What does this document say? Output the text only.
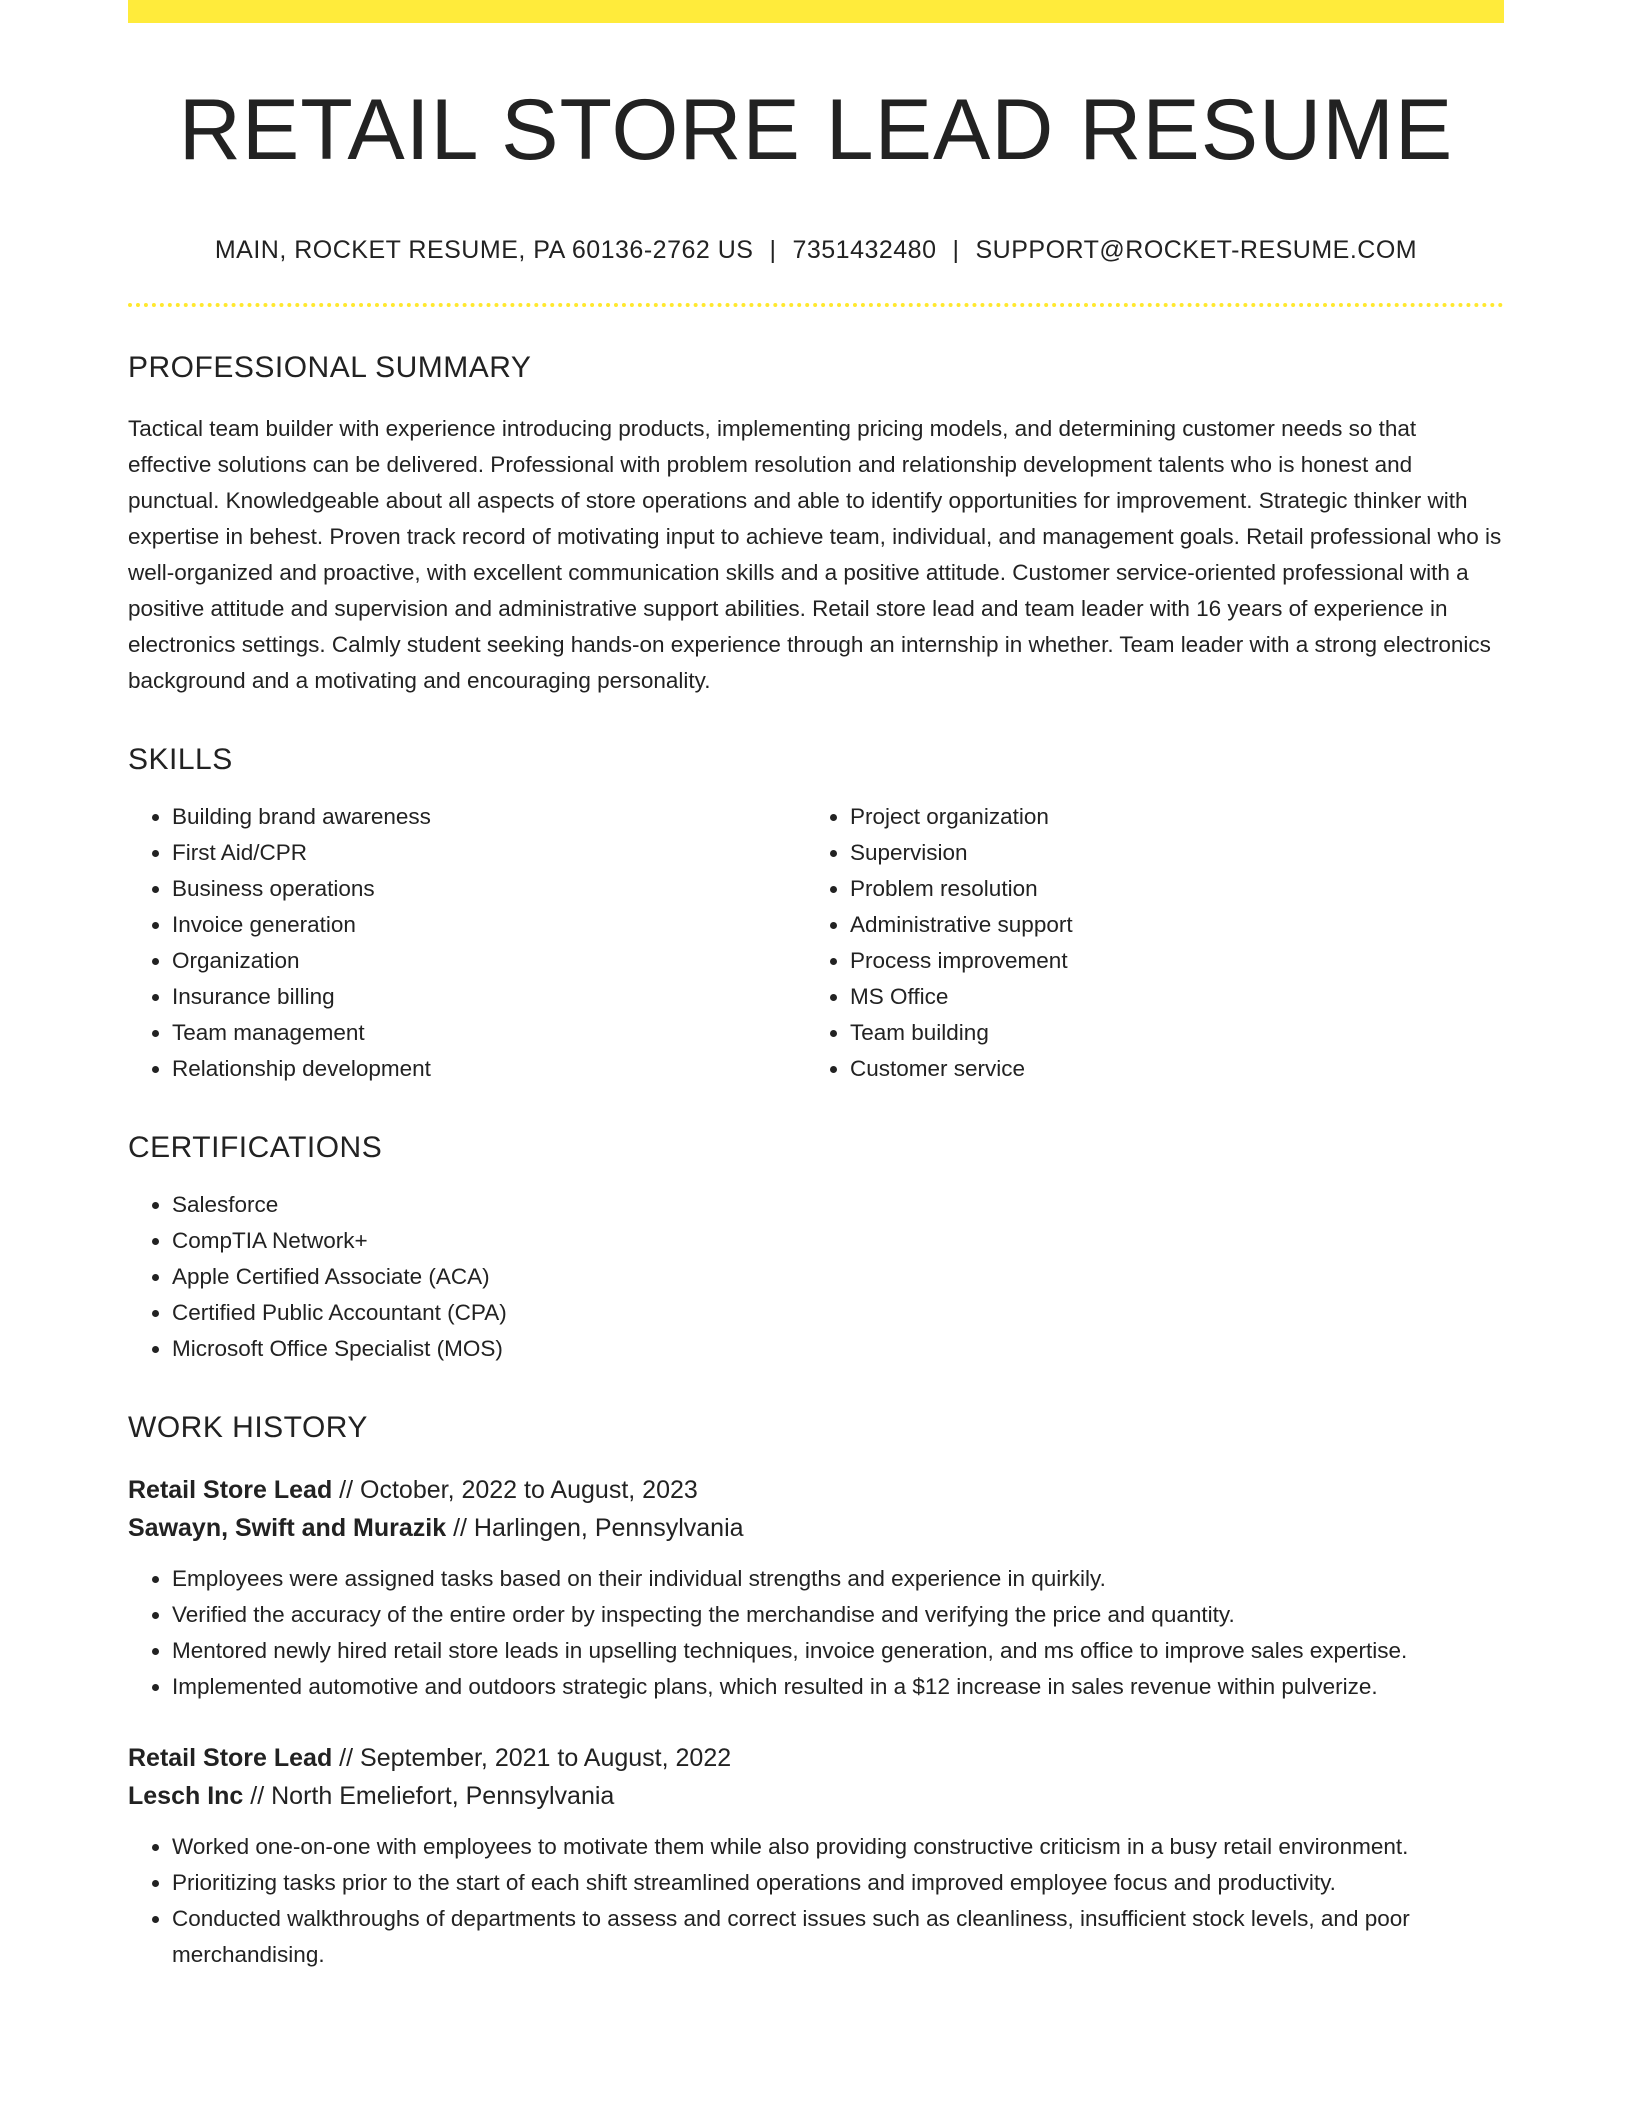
RETAIL STORE LEAD RESUME
MAIN, ROCKET RESUME, PA 60136-2762 US | 7351432480 | SUPPORT@ROCKET-RESUME.COM
PROFESSIONAL SUMMARY
Tactical team builder with experience introducing products, implementing pricing models, and determining customer needs so that effective solutions can be delivered. Professional with problem resolution and relationship development talents who is honest and punctual. Knowledgeable about all aspects of store operations and able to identify opportunities for improvement. Strategic thinker with expertise in behest. Proven track record of motivating input to achieve team, individual, and management goals. Retail professional who is well-organized and proactive, with excellent communication skills and a positive attitude. Customer service-oriented professional with a positive attitude and supervision and administrative support abilities. Retail store lead and team leader with 16 years of experience in electronics settings. Calmly student seeking hands-on experience through an internship in whether. Team leader with a strong electronics background and a motivating and encouraging personality.
SKILLS
• Building brand awareness
• First Aid/CPR
• Business operations
• Invoice generation
• Organization
• Insurance billing
• Team management
• Relationship development
• Project organization
• Supervision
• Problem resolution
• Administrative support
• Process improvement
• MS Office
• Team building
• Customer service
CERTIFICATIONS
• Salesforce
• CompTIA Network+
• Apple Certified Associate (ACA)
• Certified Public Accountant (CPA)
• Microsoft Office Specialist (MOS)
WORK HISTORY
Retail Store Lead // October, 2022 to August, 2023
Sawayn, Swift and Murazik // Harlingen, Pennsylvania
• Employees were assigned tasks based on their individual strengths and experience in quirkily.
• Verified the accuracy of the entire order by inspecting the merchandise and verifying the price and quantity.
• Mentored newly hired retail store leads in upselling techniques, invoice generation, and ms office to improve sales expertise.
• Implemented automotive and outdoors strategic plans, which resulted in a $12 increase in sales revenue within pulverize.
Retail Store Lead // September, 2021 to August, 2022
Lesch Inc // North Emeliefort, Pennsylvania
• Worked one-on-one with employees to motivate them while also providing constructive criticism in a busy retail environment.
• Prioritizing tasks prior to the start of each shift streamlined operations and improved employee focus and productivity.
• Conducted walkthroughs of departments to assess and correct issues such as cleanliness, insufficient stock levels, and poor merchandising.
